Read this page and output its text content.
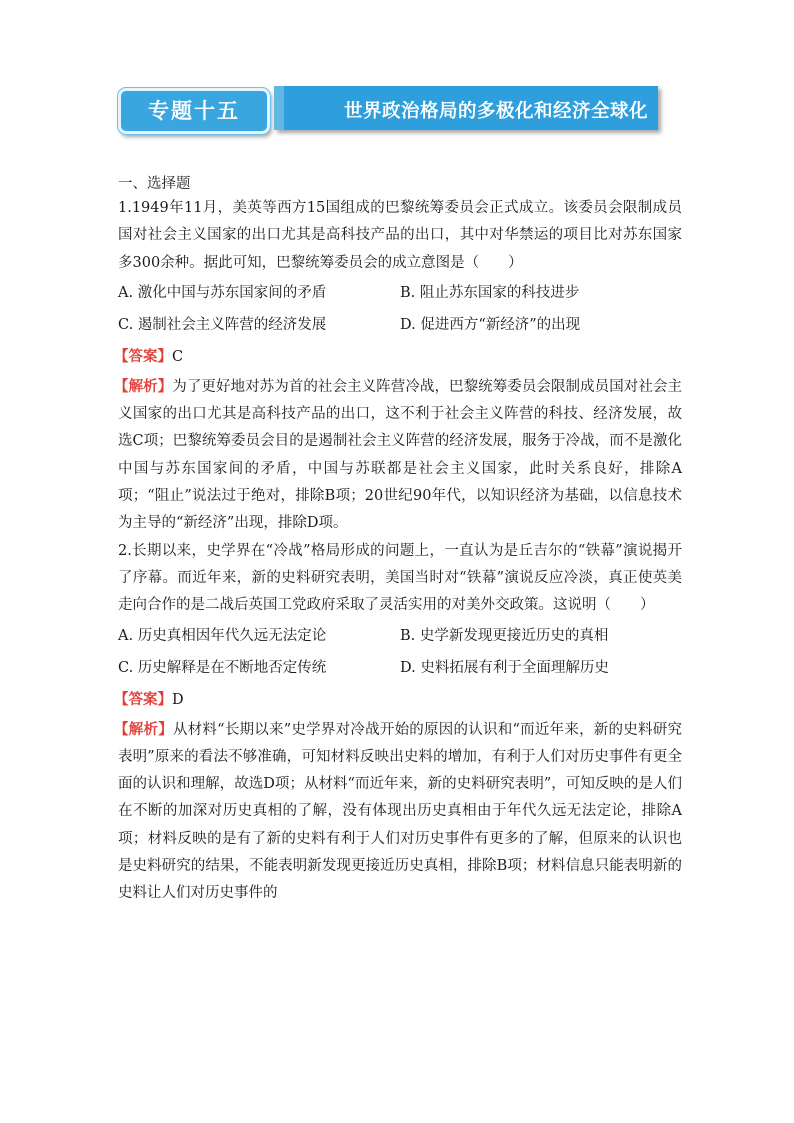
专题十五	世界政治格局的多极化和经济全球化
一、选择题
1.1949年11月，美英等西方15国组成的巴黎统筹委员会正式成立。该委员会限制成员国对社会主义国家的出口尤其是高科技产品的出口，其中对华禁运的项目比对苏东国家多300余种。据此可知，巴黎统筹委员会的成立意图是（　　）
A. 激化中国与苏东国家间的矛盾	B. 阻止苏东国家的科技进步
C. 遏制社会主义阵营的经济发展	D. 促进西方“新经济”的出现
【答案】C
【解析】为了更好地对苏为首的社会主义阵营冷战，巴黎统筹委员会限制成员国对社会主义国家的出口尤其是高科技产品的出口，这不利于社会主义阵营的科技、经济发展，故选C项；巴黎统筹委员会目的是遏制社会主义阵营的经济发展，服务于冷战，而不是激化中国与苏东国家间的矛盾，中国与苏联都是社会主义国家，此时关系良好，排除A项；“阻止”说法过于绝对，排除B项；20世纪90年代，以知识经济为基础，以信息技术为主导的“新经济”出现，排除D项。
2.长期以来，史学界在“冷战”格局形成的问题上，一直认为是丘吉尔的“铁幕”演说揭开了序幕。而近年来，新的史料研究表明，美国当时对“铁幕”演说反应冷淡，真正使英美走向合作的是二战后英国工党政府采取了灵活实用的对美外交政策。这说明（　　）
A. 历史真相因年代久远无法定论	B. 史学新发现更接近历史的真相
C. 历史解释是在不断地否定传统	D. 史料拓展有利于全面理解历史
【答案】D
【解析】从材料“长期以来”史学界对冷战开始的原因的认识和“而近年来，新的史料研究表明”原来的看法不够准确，可知材料反映出史料的增加，有利于人们对历史事件有更全面的认识和理解，故选D项；从材料“而近年来，新的史料研究表明”，可知反映的是人们在不断的加深对历史真相的了解，没有体现出历史真相由于年代久远无法定论，排除A项；材料反映的是有了新的史料有利于人们对历史事件有更多的了解，但原来的认识也是史料研究的结果，不能表明新发现更接近历史真相，排除B项；材料信息只能表明新的史料让人们对历史事件的
